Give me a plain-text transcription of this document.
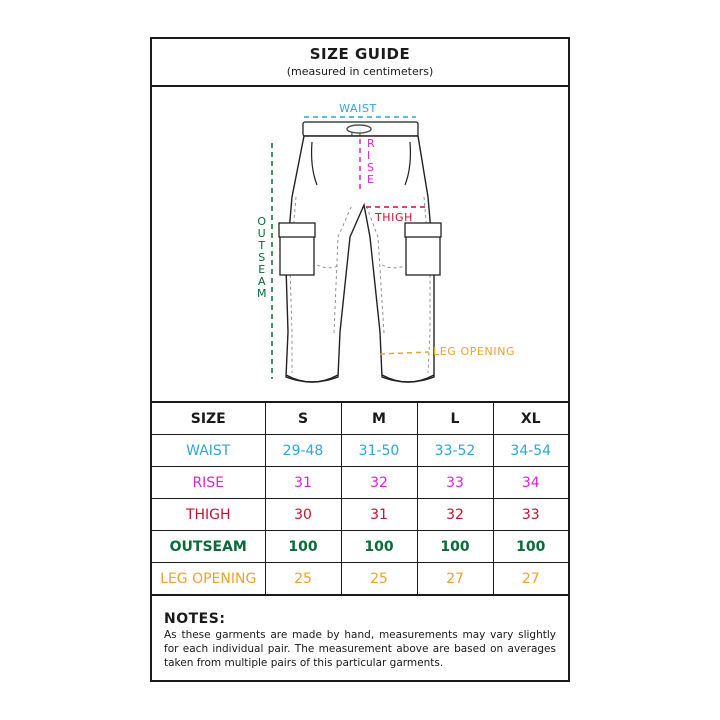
SIZE GUIDE
(measured in centimeters)
WAIST
R
I
S
E
THIGH
O
U
T
S
E
A
M
LEG OPENING
SIZE	S	M	L	XL
WAIST	29-48	31-50	33-52	34-54
RISE	31	32	33	34
THIGH	30	31	32	33
OUTSEAM	100	100	100	100
LEG OPENING	25	25	27	27
NOTES:
As these garments are made by hand, measurements may vary slightly for each individual pair. The measurement above are based on averages taken from multiple pairs of this particular garments.
